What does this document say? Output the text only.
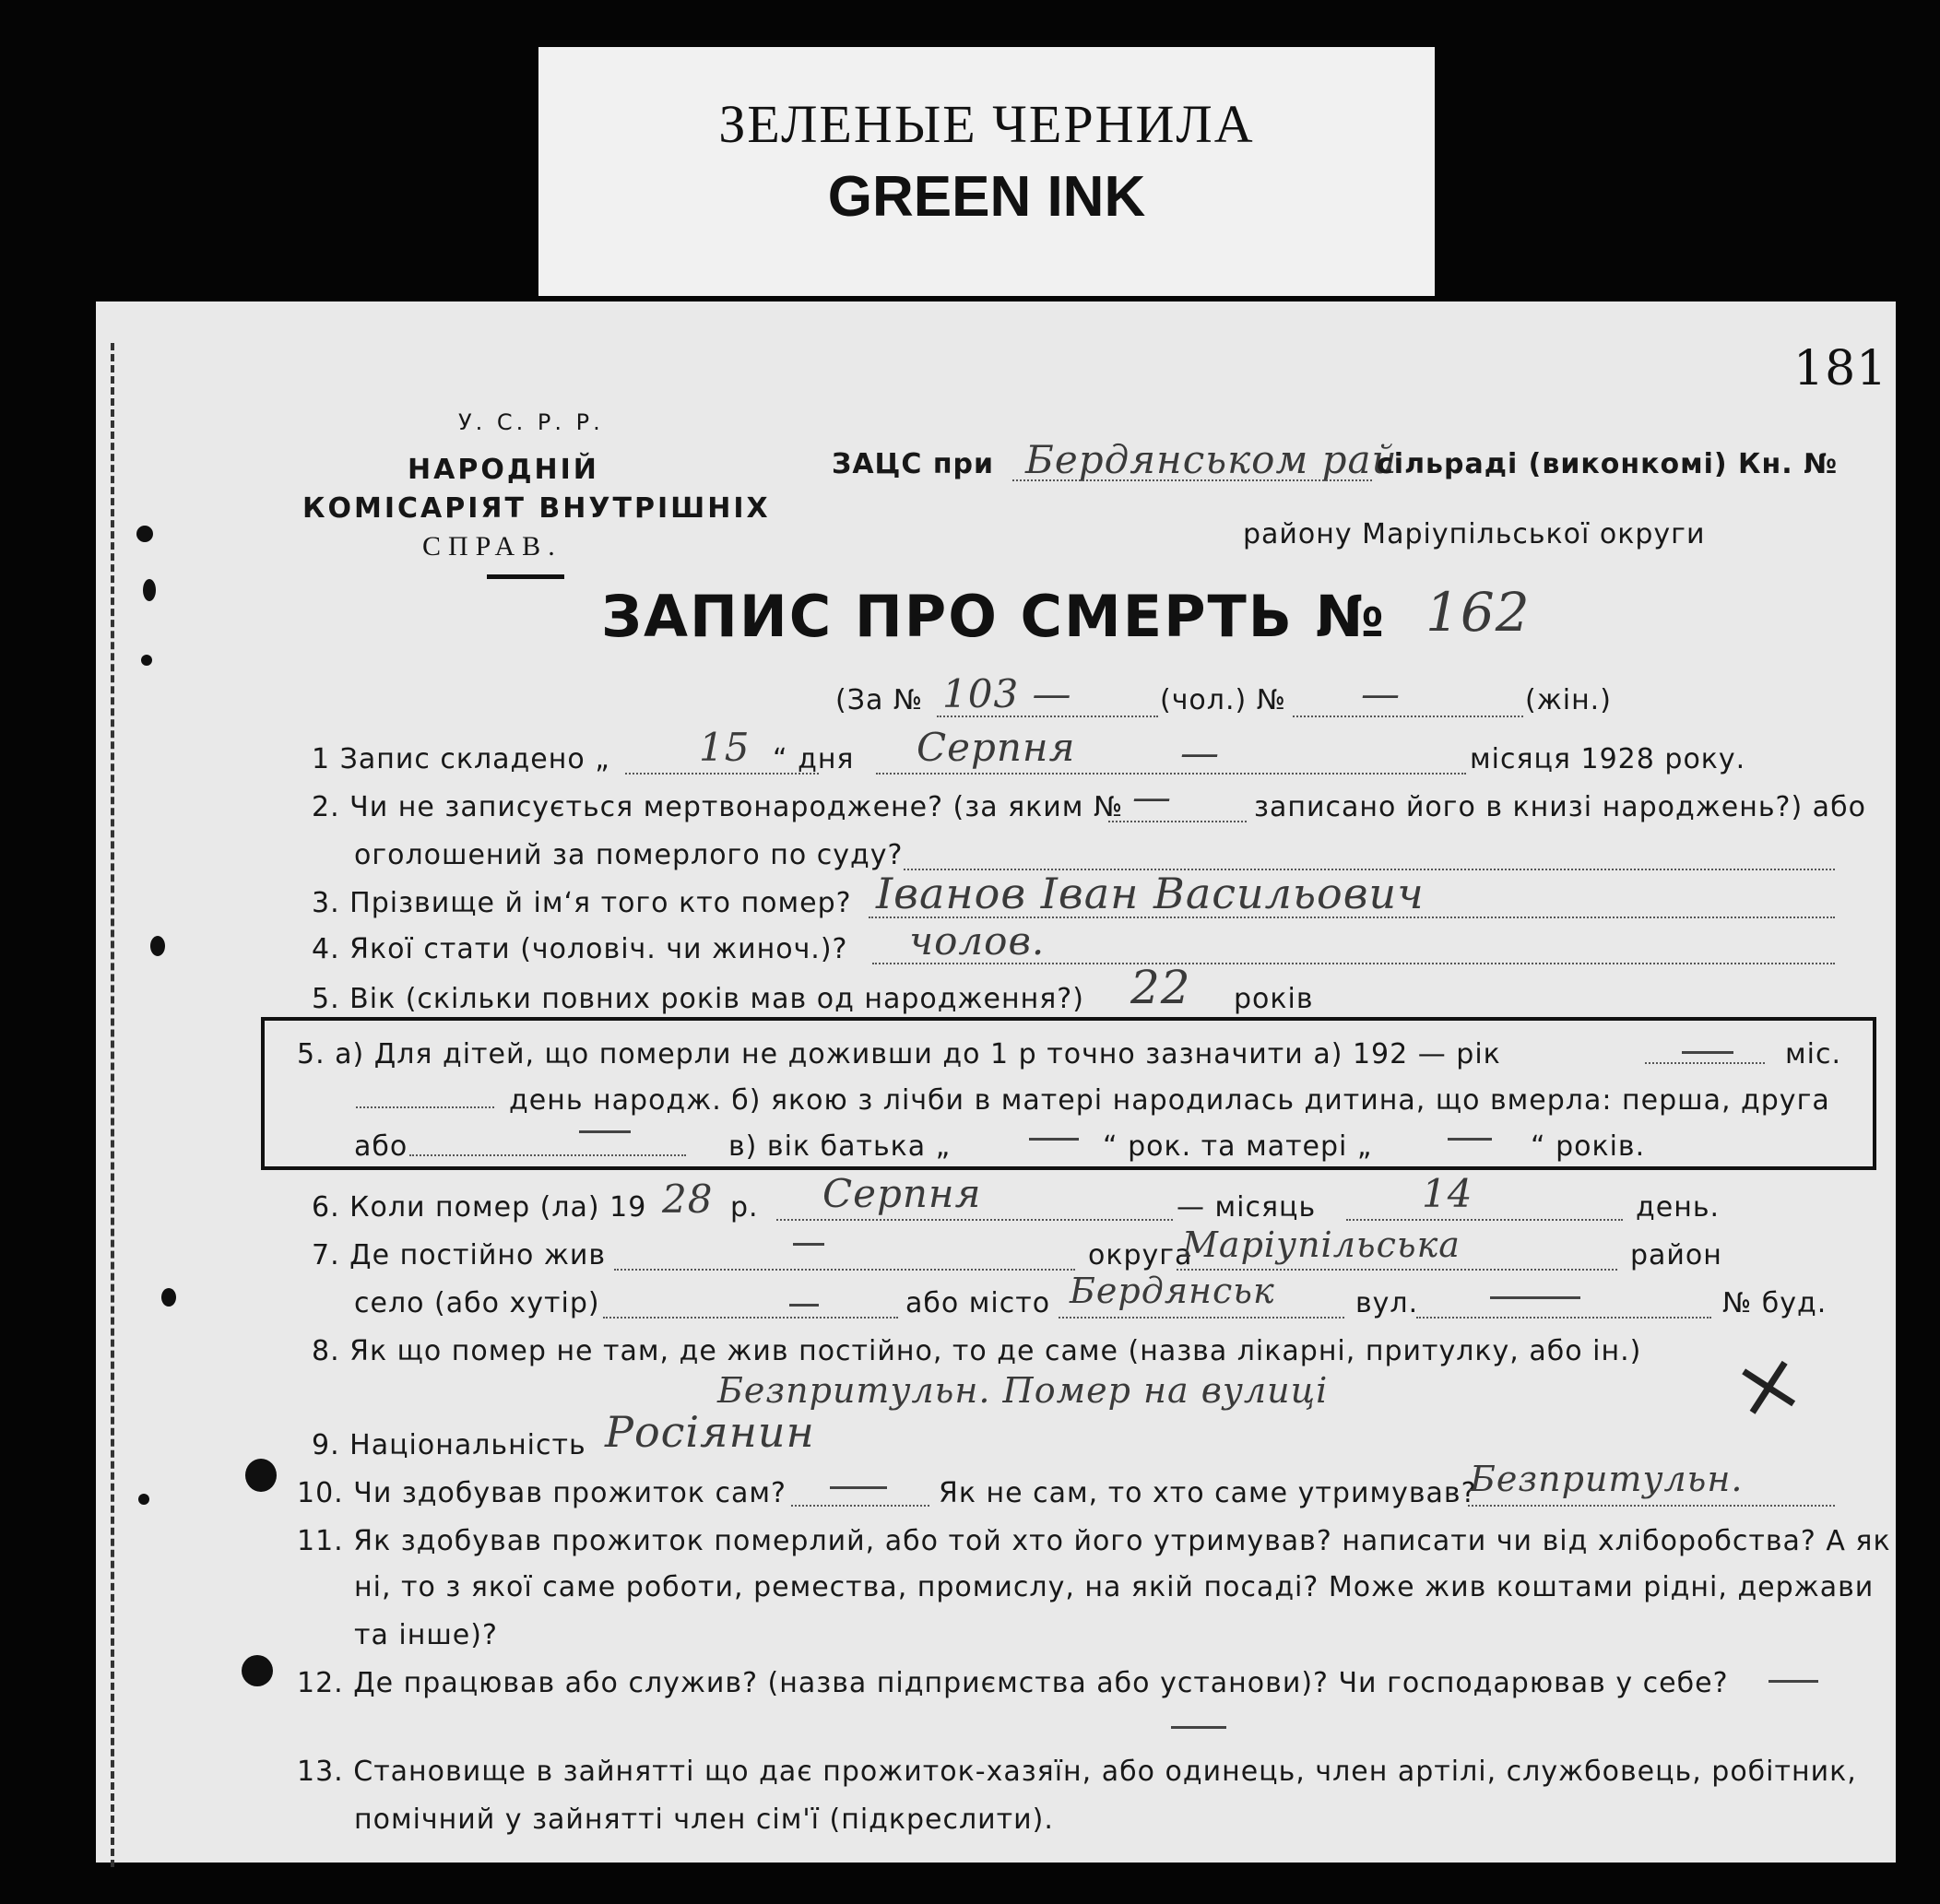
ЗЕЛЕНЫЕ ЧЕРНИЛА
GREEN INK
181
У. С. Р. Р.
НАРОДНІЙ
КОМІСАРІЯТ ВНУТРІШНІХ
СПРАВ.
ЗАЦС при Бердянськом рай
сільраді (виконкомі) Кн. №
району Маріупільської округи
ЗАПИС ПРО СМЕРТЬ № 162
(За № 103 —	(чол.) № —	(жін.)
1 Запис складено „ 15 “ дня Серпня	—	місяця 1928 року.
2. Чи не записується мертвонароджене? (за яким № —	записано його в книзі народжень?) або
оголошений за померлого по суду?
3. Прізвище й ім‘я того кто помер? Іванов Іван Васильович
4. Якої стати (чоловіч. чи жиноч.)? чолов.
5. Вік (скільки повних років мав од народження?) 22 років
5. а) Для дітей, що померли не доживши до 1 р точно зазначити а) 192 — рік	міс.
день народж. б) якою з лічби в матері народилась дитина, що вмерла: перша, друга
або	в) вік батька „	“ рок. та матері „	“ років.
6. Коли помер (ла) 19 28 р. Серпня	— місяць	14	день.
7. Де постійно жив	округа
Маріупільська	район
село (або хутір)	або місто Бердянськ	вул.	№ буд.
8. Як що помер не там, де жив постійно, то де саме (назва лікарні, притулку, або ін.)
Безпритульн. Помер на вулиці	×
9. Національність Росіянин
10. Чи здобував прожиток сам?	Як не сам, то хто саме утримував?
Безпритульн.
11. Як здобував прожиток померлий, або той хто його утримував? написати чи від хліборобства? А як
ні, то з якої саме роботи, ремества, промислу, на якій посаді? Може жив коштами рідні, держави
та інше)?
12. Де працював або служив? (назва підприємства або установи)? Чи господарював у себе?
13. Становище в зайнятті що дає прожиток-хазяїн, або одинець, член артілі, службовець, робітник,
помічний у зайнятті член сім'ї (підкреслити).
